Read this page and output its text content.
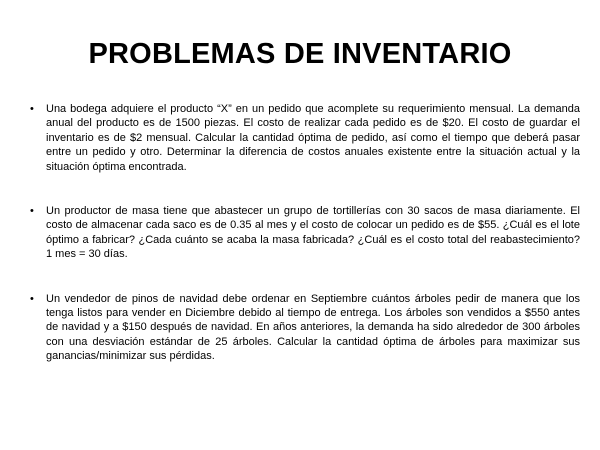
PROBLEMAS DE INVENTARIO
• Una bodega adquiere el producto “X” en un pedido que acomplete su requerimiento mensual. La demanda anual del producto es de 1500 piezas. El costo de realizar cada pedido es de $20. El costo de guardar el inventario es de $2 mensual. Calcular la cantidad óptima de pedido, así como el tiempo que deberá pasar entre un pedido y otro. Determinar la diferencia de costos anuales existente entre la situación actual y la situación óptima encontrada.
• Un productor de masa tiene que abastecer un grupo de tortillerías con 30 sacos de masa diariamente. El costo de almacenar cada saco es de 0.35 al mes y el costo de colocar un pedido es de $55. ¿Cuál es el lote óptimo a fabricar? ¿Cada cuánto se acaba la masa fabricada? ¿Cuál es el costo total del reabastecimiento? 1 mes = 30 días.
• Un vendedor de pinos de navidad debe ordenar en Septiembre cuántos árboles pedir de manera que los tenga listos para vender en Diciembre debido al tiempo de entrega. Los árboles son vendidos a $550 antes de navidad y a $150 después de navidad. En años anteriores, la demanda ha sido alrededor de 300 árboles con una desviación estándar de 25 árboles. Calcular la cantidad óptima de árboles para maximizar sus ganancias/minimizar sus pérdidas.
